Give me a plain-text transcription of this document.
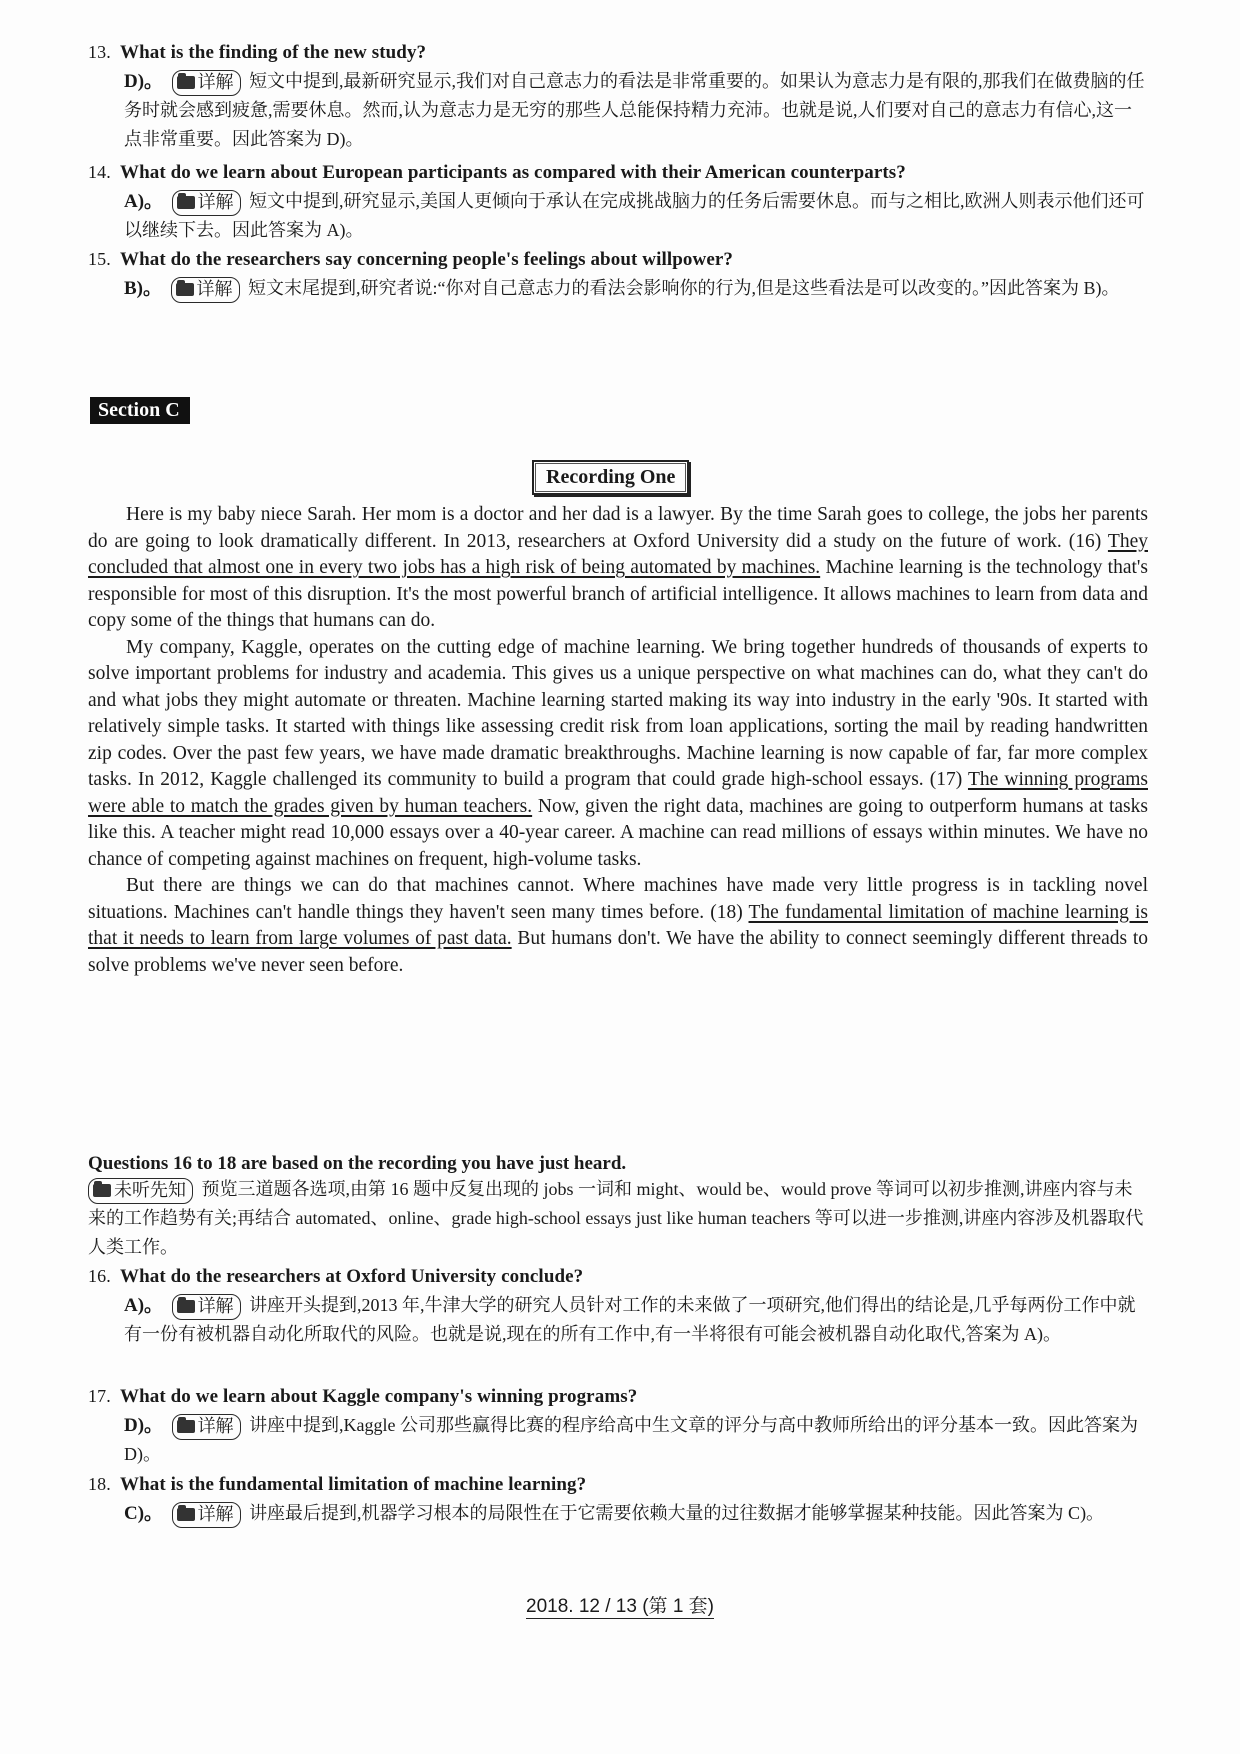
13. What is the finding of the new study?
D)。 详解 短文中提到,最新研究显示,我们对自己意志力的看法是非常重要的。如果认为意志力是有限的,那我们在做费脑的任务时就会感到疲惫,需要休息。然而,认为意志力是无穷的那些人总能保持精力充沛。也就是说,人们要对自己的意志力有信心,这一点非常重要。因此答案为 D)。
14. What do we learn about European participants as compared with their American counterparts?
A)。 详解 短文中提到,研究显示,美国人更倾向于承认在完成挑战脑力的任务后需要休息。而与之相比,欧洲人则表示他们还可以继续下去。因此答案为 A)。
15. What do the researchers say concerning people's feelings about willpower?
B)。 详解 短文末尾提到,研究者说:“你对自己意志力的看法会影响你的行为,但是这些看法是可以改变的。”因此答案为 B)。
Section C
Recording One

Here is my baby niece Sarah. Her mom is a doctor and her dad is a lawyer. By the time Sarah goes to college, the jobs her parents do are going to look dramatically different. In 2013, researchers at Oxford University did a study on the future of work. (16) They concluded that almost one in every two jobs has a high risk of being automated by machines. Machine learning is the technology that's responsible for most of this disruption. It's the most powerful branch of artificial intelligence. It allows machines to learn from data and copy some of the things that humans can do.

My company, Kaggle, operates on the cutting edge of machine learning. We bring together hundreds of thousands of experts to solve important problems for industry and academia. This gives us a unique perspective on what machines can do, what they can't do and what jobs they might automate or threaten. Machine learning started making its way into industry in the early '90s. It started with relatively simple tasks. It started with things like assessing credit risk from loan applications, sorting the mail by reading handwritten zip codes. Over the past few years, we have made dramatic breakthroughs. Machine learning is now capable of far, far more complex tasks. In 2012, Kaggle challenged its community to build a program that could grade high-school essays. (17) The winning programs were able to match the grades given by human teachers. Now, given the right data, machines are going to outperform humans at tasks like this. A teacher might read 10,000 essays over a 40-year career. A machine can read millions of essays within minutes. We have no chance of competing against machines on frequent, high-volume tasks.

But there are things we can do that machines cannot. Where machines have made very little progress is in tackling novel situations. Machines can't handle things they haven't seen many times before. (18) The fundamental limitation of machine learning is that it needs to learn from large volumes of past data. But humans don't. We have the ability to connect seemingly different threads to solve problems we've never seen before.

Questions 16 to 18 are based on the recording you have just heard.
未听先知 预览三道题各选项,由第 16 题中反复出现的 jobs 一词和 might、would be、would prove 等词可以初步推测,讲座内容与未来的工作趋势有关;再结合 automated、online、grade high-school essays just like human teachers 等可以进一步推测,讲座内容涉及机器取代人类工作。
16. What do the researchers at Oxford University conclude?
A)。 详解 讲座开头提到,2013 年,牛津大学的研究人员针对工作的未来做了一项研究,他们得出的结论是,几乎每两份工作中就有一份有被机器自动化所取代的风险。也就是说,现在的所有工作中,有一半将很有可能会被机器自动化取代,答案为 A)。
17. What do we learn about Kaggle company's winning programs?
D)。 详解 讲座中提到,Kaggle 公司那些赢得比赛的程序给高中生文章的评分与高中教师所给出的评分基本一致。因此答案为 D)。
18. What is the fundamental limitation of machine learning?
C)。 详解 讲座最后提到,机器学习根本的局限性在于它需要依赖大量的过往数据才能够掌握某种技能。因此答案为 C)。
2018. 12 / 13 (第 1 套)
